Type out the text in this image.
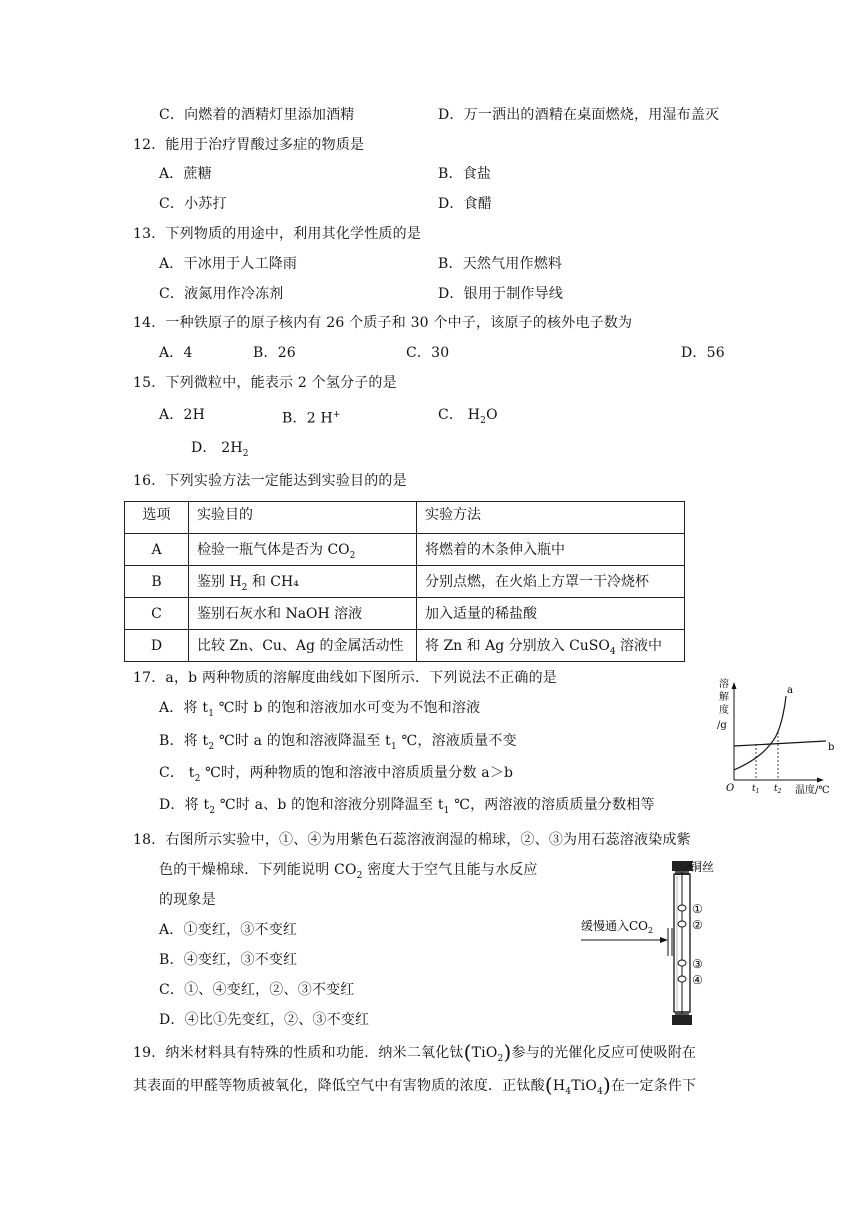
C．向燃着的酒精灯里添加酒精	D．万一洒出的酒精在桌面燃烧，用湿布盖灭
12．能用于治疗胃酸过多症的物质是
A．蔗糖	B．食盐
C．小苏打	D．食醋
13．下列物质的用途中，利用其化学性质的是
A．干冰用于人工降雨	B．天然气用作燃料
C．液氮用作冷冻剂	D．银用于制作导线
14．一种铁原子的原子核内有 26 个质子和 30 个中子，该原子的核外电子数为
A．4	B．26	C．30	D．56
15．下列微粒中，能表示 2 个氢分子的是
A．2H	B．2 H+	C． $H_2O$
D． $2H_2$
16．下列实验方法一定能达到实验目的的是
选项	实验目的	实验方法
A	检验一瓶气体是否为 $CO_2$	将燃着的木条伸入瓶中
B	鉴别 $H_2$ 和 CH₄	分别点燃，在火焰上方罩一干冷烧杯
C	鉴别石灰水和 NaOH 溶液	加入适量的稀盐酸
D	比较 Zn、Cu、Ag 的金属活动性	将 Zn 和 Ag 分别放入 CuSO$_4$ 溶液中
17．a，b 两种物质的溶解度曲线如下图所示．下列说法不正确的是
A．将 $t_1$ ℃时 b 的饱和溶液加水可变为不饱和溶液
B．将 $t_2$ ℃时 a 的饱和溶液降温至 $t_1$ ℃，溶液质量不变
C． $t_2$ ℃时，两种物质的饱和溶液中溶质质量分数 a＞b
D．将 $t_2$ ℃时 a、b 的饱和溶液分别降温至 $t_1$ ℃，两溶液的溶质质量分数相等
溶
解
度
/g
a
b
O $t_1$ $t_2$ 温度/℃
18．右图所示实验中，①、④为用紫色石蕊溶液润湿的棉球，②、③为用石蕊溶液染成紫
色的干燥棉球．下列能说明 $CO_2$ 密度大于空气且能与水反应
的现象是
A．①变红，③不变红
B．④变红，③不变红
C．①、④变红，②、③不变红
D．④比①先变红，②、③不变红
铜丝
缓慢通入$CO_2$
①
②
③
④
19．纳米材料具有特殊的性质和功能．纳米二氧化钛(TiO$_2$)参与的光催化反应可使吸附在
其表面的甲醛等物质被氧化，降低空气中有害物质的浓度．正钛酸$(H_4TiO_4)$在一定条件下
